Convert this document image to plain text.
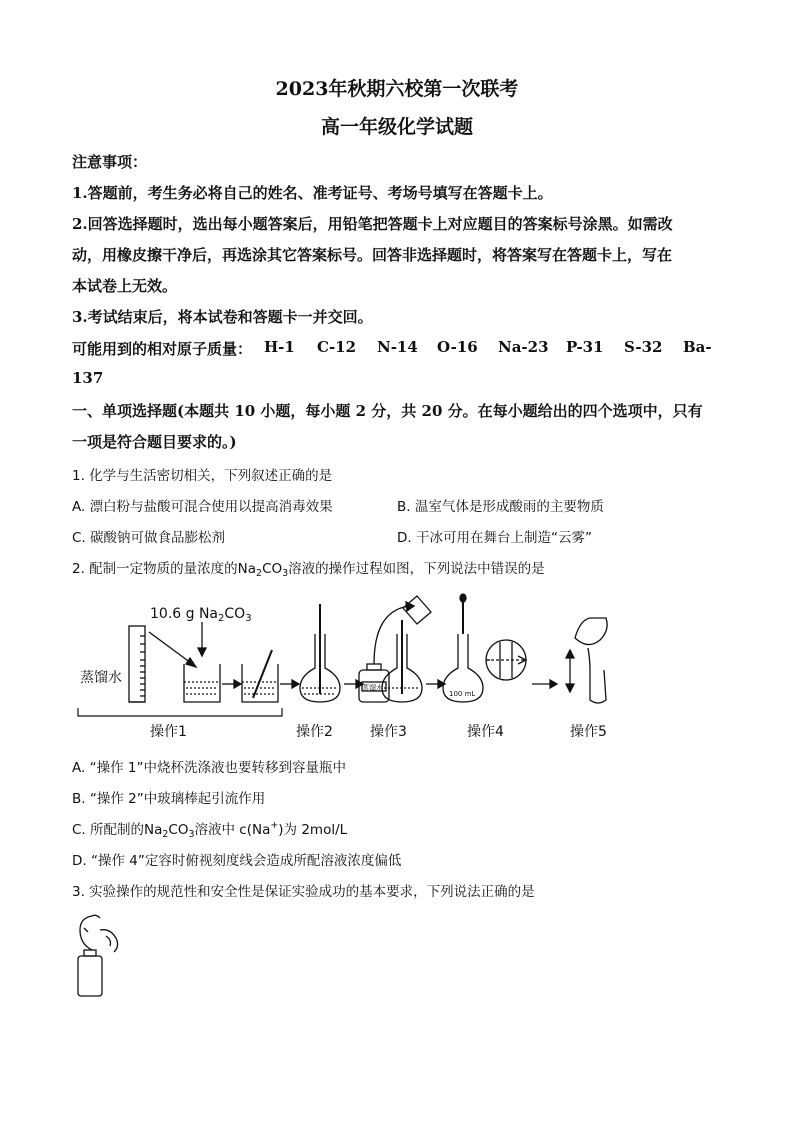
2023年秋期六校第一次联考
高一年级化学试题
注意事项：
1.答题前，考生务必将自己的姓名、准考证号、考场号填写在答题卡上。
2.回答选择题时，选出每小题答案后，用铅笔把答题卡上对应题目的答案标号涂黑。如需改
动，用橡皮擦干净后，再选涂其它答案标号。回答非选择题时，将答案写在答题卡上，写在
本试卷上无效。
3.考试结束后，将本试卷和答题卡一并交回。
可能用到的相对原子质量： H-1 C-12 N-14 O-16 Na-23 P-31 S-32 Ba-
137
一、单项选择题(本题共 10 小题，每小题 2 分，共 20 分。在每小题给出的四个选项中，只有
一项是符合题目要求的。)
1. 化学与生活密切相关，下列叙述正确的是
A. 漂白粉与盐酸可混合使用以提高消毒效果	B. 温室气体是形成酸雨的主要物质
C. 碳酸钠可做食品膨松剂	D. 干冰可用在舞台上制造“云雾”
2. 配制一定物质的量浓度的$Na_2CO_3$溶液的操作过程如图，下列说法中错误的是
10.6 g $Na_2CO_3$
蒸馏水
蒸馏水
100 mL
操作1	操作2	操作3	操作4	操作5
A. “操作 1”中烧杯洗涤液也要转移到容量瓶中
B. “操作 2”中玻璃棒起引流作用
C. 所配制的$Na_2CO_3$溶液中 c(Na+)为 2mol/L
D. “操作 4”定容时俯视刻度线会造成所配溶液浓度偏低
3. 实验操作的规范性和安全性是保证实验成功的基本要求，下列说法正确的是
